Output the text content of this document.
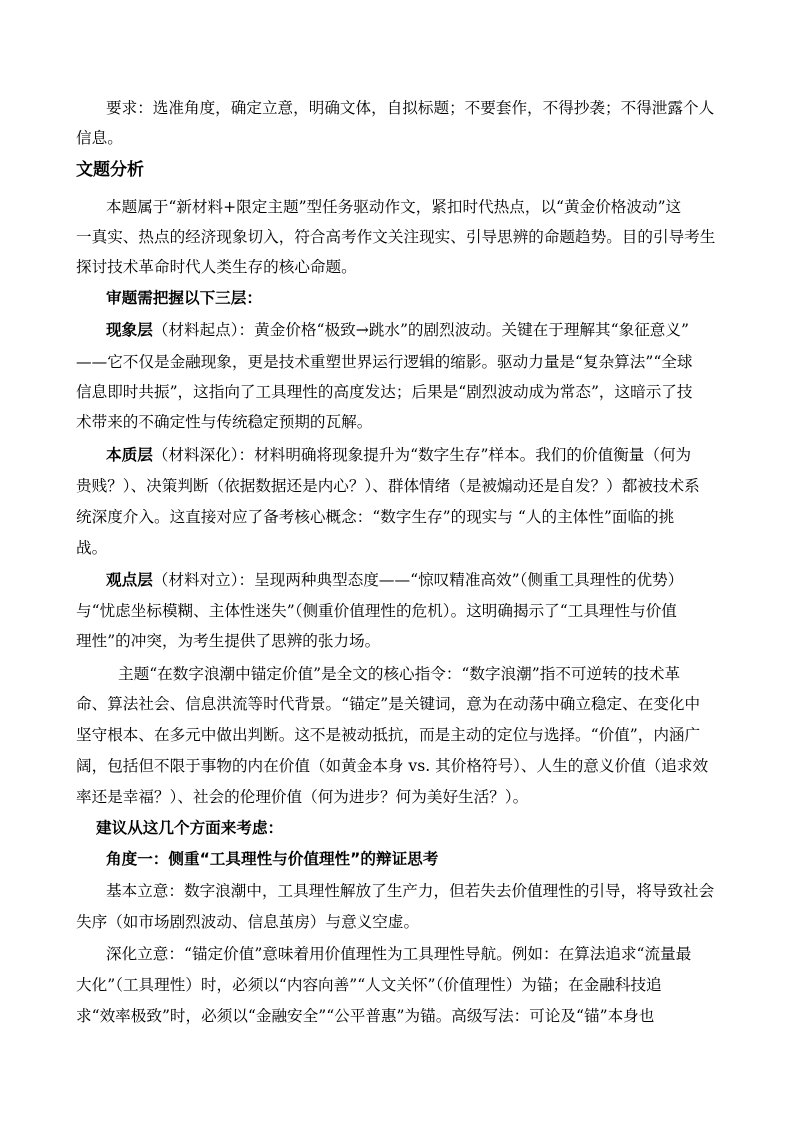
要求：选准角度，确定立意，明确文体，自拟标题；不要套作，不得抄袭；不得泄露个人
信息。
文题分析
本题属于“新材料+限定主题”型任务驱动作文，紧扣时代热点，以“黄金价格波动”这
一真实、热点的经济现象切入，符合高考作文关注现实、引导思辨的命题趋势。目的引导考生
探讨技术革命时代人类生存的核心命题。
审题需把握以下三层：
现象层（材料起点）：黄金价格“极致→跳水”的剧烈波动。关键在于理解其“象征意义”
——它不仅是金融现象，更是技术重塑世界运行逻辑的缩影。驱动力量是“复杂算法”“全球
信息即时共振”，这指向了工具理性的高度发达；后果是“剧烈波动成为常态”，这暗示了技
术带来的不确定性与传统稳定预期的瓦解。
本质层（材料深化）：材料明确将现象提升为“数字生存”样本。我们的价值衡量（何为
贵贱？）、决策判断（依据数据还是内心？）、群体情绪（是被煽动还是自发？）都被技术系
统深度介入。这直接对应了备考核心概念：“数字生存”的现实与 “人的主体性”面临的挑
战。
观点层（材料对立）：呈现两种典型态度——“惊叹精准高效”（侧重工具理性的优势）
与“忧虑坐标模糊、主体性迷失”（侧重价值理性的危机）。这明确揭示了“工具理性与价值
理性”的冲突，为考生提供了思辨的张力场。
主题“在数字浪潮中锚定价值”是全文的核心指令：“数字浪潮”指不可逆转的技术革
命、算法社会、信息洪流等时代背景。“锚定”是关键词，意为在动荡中确立稳定、在变化中
坚守根本、在多元中做出判断。这不是被动抵抗，而是主动的定位与选择。“价值”，内涵广
阔，包括但不限于事物的内在价值（如黄金本身 vs. 其价格符号）、人生的意义价值（追求效
率还是幸福？）、社会的伦理价值（何为进步？何为美好生活？）。
建议从这几个方面来考虑：
角度一：侧重“工具理性与价值理性”的辩证思考
基本立意：数字浪潮中，工具理性解放了生产力，但若失去价值理性的引导，将导致社会
失序（如市场剧烈波动、信息茧房）与意义空虚。
深化立意：“锚定价值”意味着用价值理性为工具理性导航。例如：在算法追求“流量最
大化”（工具理性）时，必须以“内容向善”“人文关怀”（价值理性）为锚；在金融科技追
求“效率极致”时，必须以“金融安全”“公平普惠”为锚。高级写法：可论及“锚”本身也
